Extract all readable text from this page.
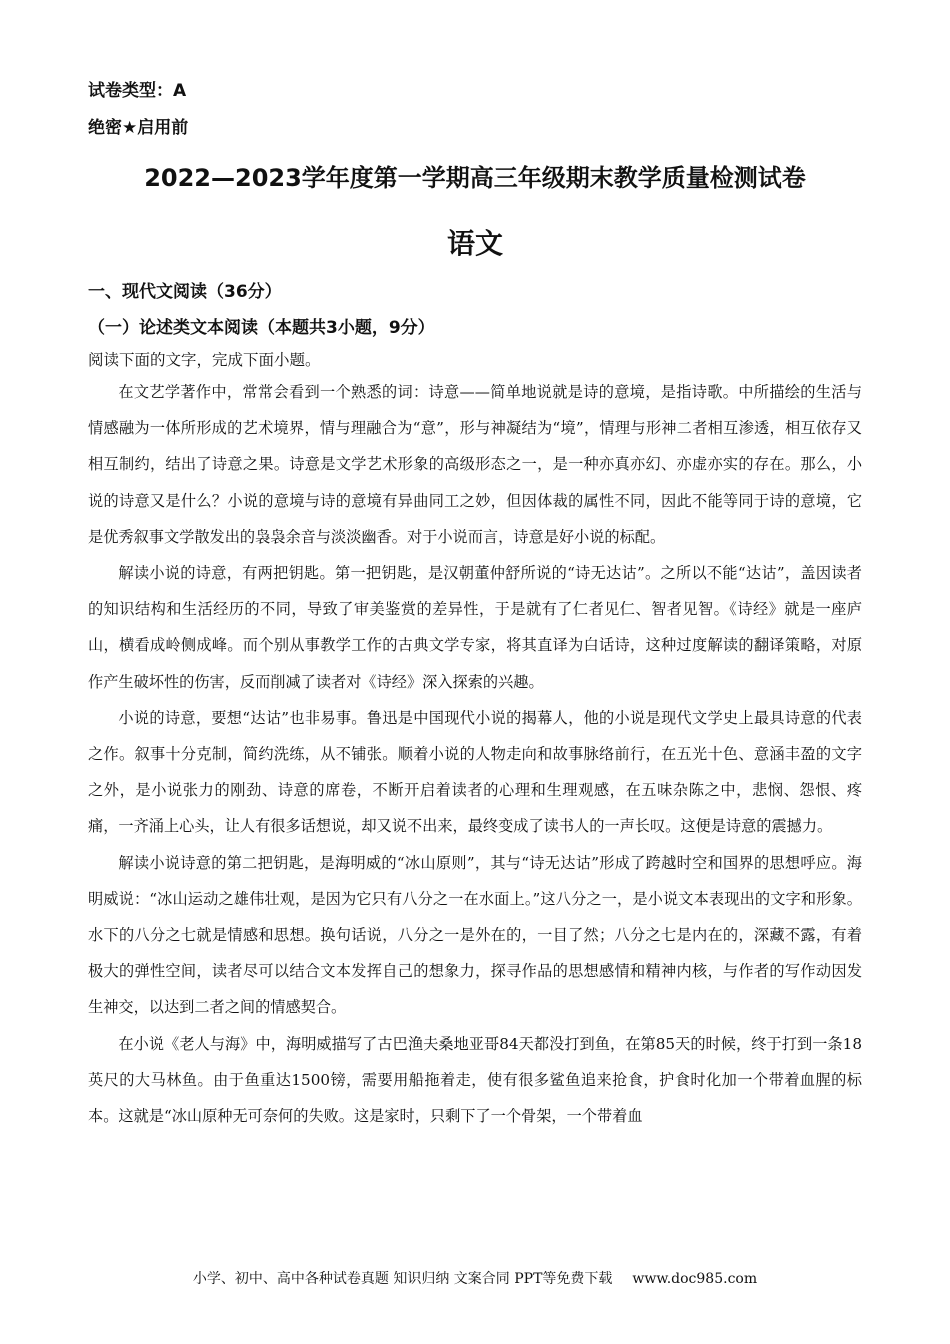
试卷类型：A
绝密★启用前
2022—2023学年度第一学期高三年级期末教学质量检测试卷
语文
一、现代文阅读（36分）
（一）论述类文本阅读（本题共3小题，9分）
阅读下面的文字，完成下面小题。

在文艺学著作中，常常会看到一个熟悉的词：诗意——简单地说就是诗的意境，是指诗歌。中所描绘的生活与情感融为一体所形成的艺术境界，情与理融合为“意”，形与神凝结为“境”，情理与形神二者相互渗透，相互依存又相互制约，结出了诗意之果。诗意是文学艺术形象的高级形态之一，是一种亦真亦幻、亦虚亦实的存在。那么，小说的诗意又是什么？小说的意境与诗的意境有异曲同工之妙，但因体裁的属性不同，因此不能等同于诗的意境，它是优秀叙事文学散发出的袅袅余音与淡淡幽香。对于小说而言，诗意是好小说的标配。

解读小说的诗意，有两把钥匙。第一把钥匙，是汉朝董仲舒所说的“诗无达诂”。之所以不能“达诂”，盖因读者的知识结构和生活经历的不同，导致了审美鉴赏的差异性，于是就有了仁者见仁、智者见智。《诗经》就是一座庐山，横看成岭侧成峰。而个别从事教学工作的古典文学专家，将其直译为白话诗，这种过度解读的翻译策略，对原作产生破坏性的伤害，反而削减了读者对《诗经》深入探索的兴趣。

小说的诗意，要想“达诂”也非易事。鲁迅是中国现代小说的揭幕人，他的小说是现代文学史上最具诗意的代表之作。叙事十分克制，简约洗练，从不铺张。顺着小说的人物走向和故事脉络前行，在五光十色、意涵丰盈的文字之外，是小说张力的刚劲、诗意的席卷，不断开启着读者的心理和生理观感，在五味杂陈之中，悲悯、怨恨、疼痛，一齐涌上心头，让人有很多话想说，却又说不出来，最终变成了读书人的一声长叹。这便是诗意的震撼力。

解读小说诗意的第二把钥匙，是海明威的“冰山原则”，其与“诗无达诂”形成了跨越时空和国界的思想呼应。海明威说：“冰山运动之雄伟壮观，是因为它只有八分之一在水面上。”这八分之一，是小说文本表现出的文字和形象。水下的八分之七就是情感和思想。换句话说，八分之一是外在的，一目了然；八分之七是内在的，深藏不露，有着极大的弹性空间，读者尽可以结合文本发挥自己的想象力，探寻作品的思想感情和精神内核，与作者的写作动因发生神交，以达到二者之间的情感契合。

在小说《老人与海》中，海明威描写了古巴渔夫桑地亚哥84天都没打到鱼，在第85天的时候，终于打到一条18英尺的大马林鱼。由于鱼重达1500镑，需要用船拖着走，使有很多鲨鱼追来抢食，护食时化加一个带着血腥的标本。这就是“冰山原种无可奈何的失败。这是家时，只剩下了一个骨架，一个带着血

小学、初中、高中各种试卷真题 知识归纳 文案合同 PPT等免费下载 www.doc985.com
